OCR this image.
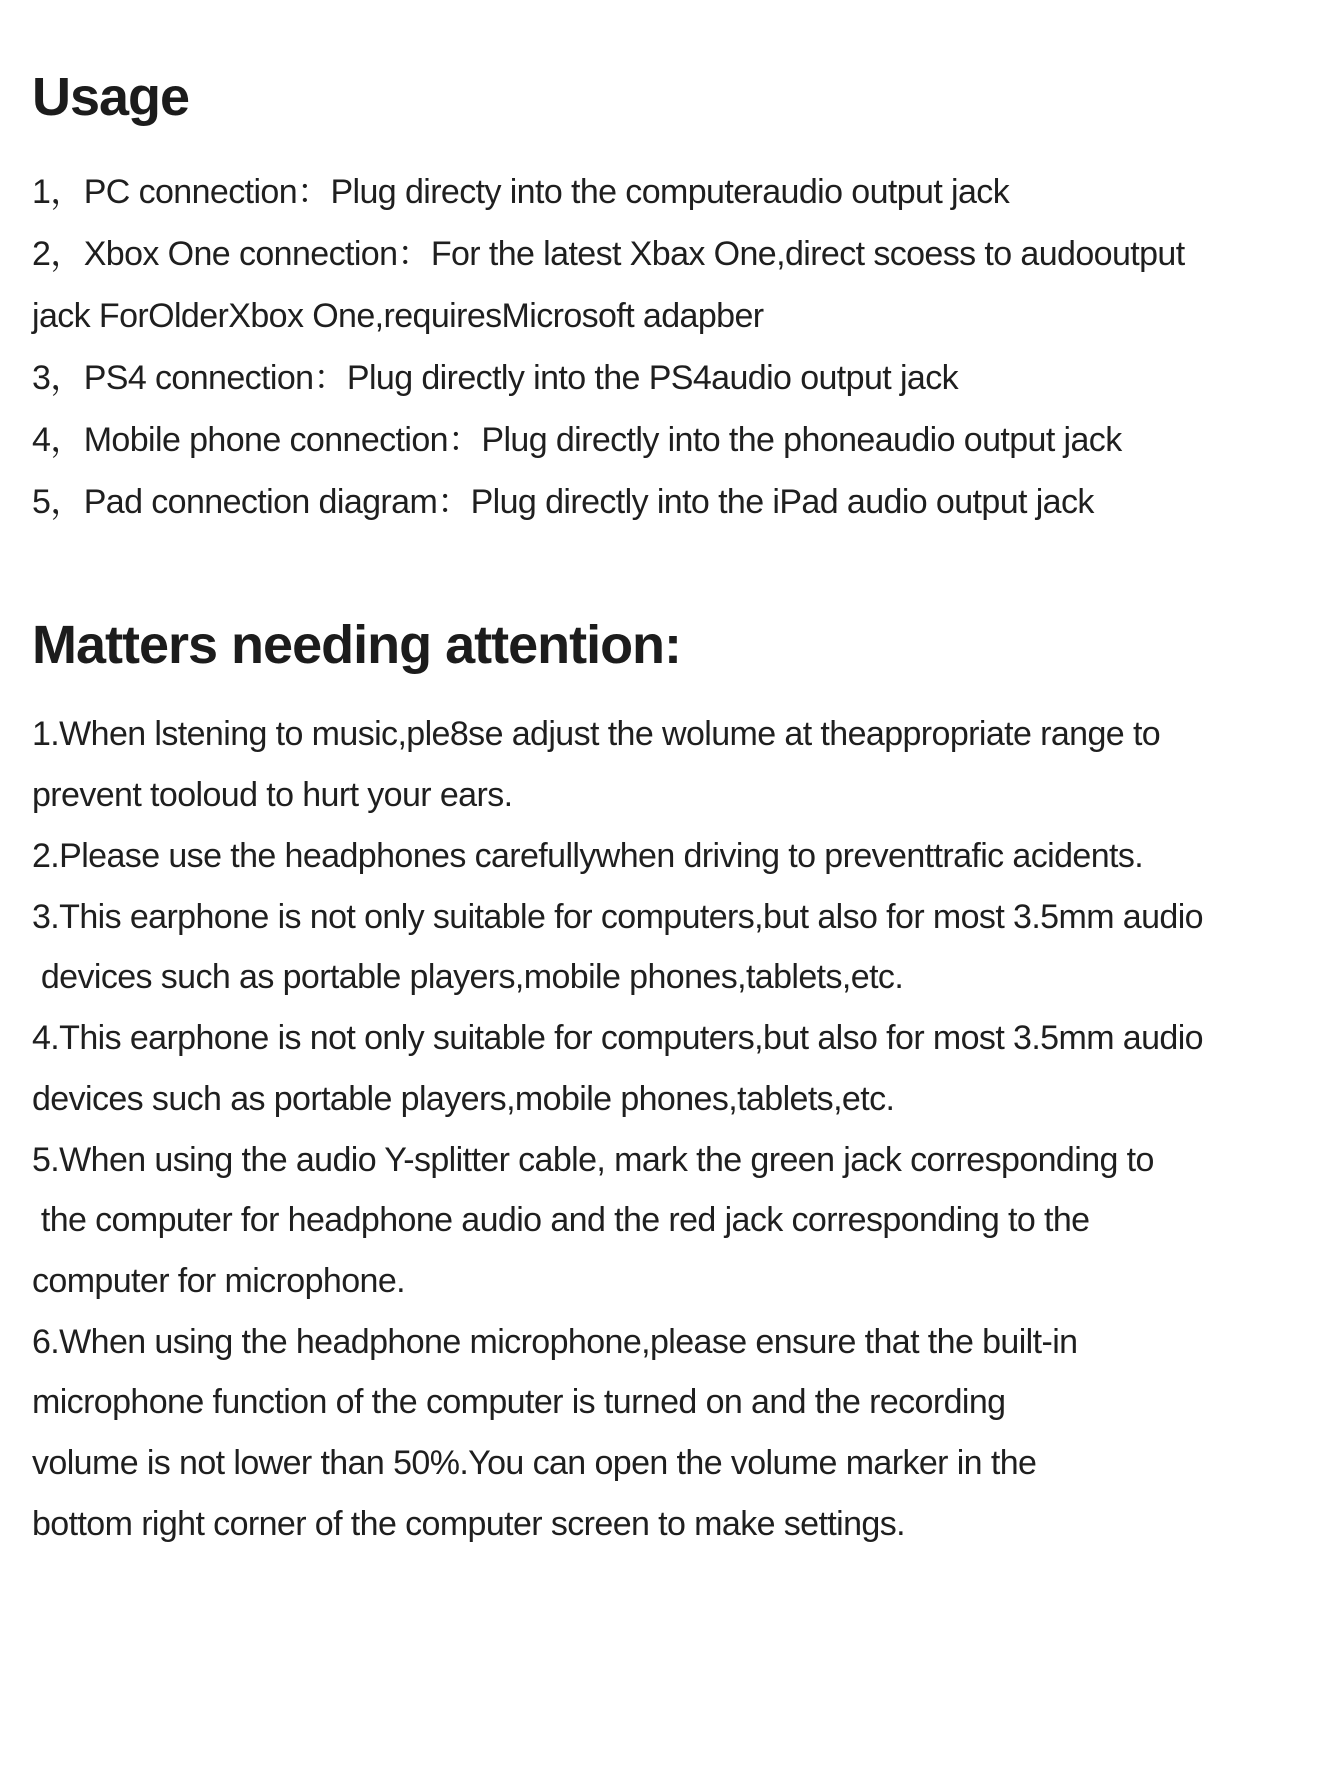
Usage
1，PC connection：Plug directy into the computeraudio output jack
2，Xbox One connection：For the latest Xbax One,direct scoess to audooutput
jack ForOlderXbox One,requiresMicrosoft adapber
3，PS4 connection：Plug directly into the PS4audio output jack
4，Mobile phone connection：Plug directly into the phoneaudio output jack
5，Pad connection diagram：Plug directly into the iPad audio output jack
Matters needing attention:
1.When lstening to music,ple8se adjust the wolume at theappropriate range to
prevent tooloud to hurt your ears.
2.Please use the headphones carefullywhen driving to preventtrafic acidents.
3.This earphone is not only suitable for computers,but also for most 3.5mm audio
devices such as portable players,mobile phones,tablets,etc.
4.This earphone is not only suitable for computers,but also for most 3.5mm audio
devices such as portable players,mobile phones,tablets,etc.
5.When using the audio Y-splitter cable, mark the green jack corresponding to
the computer for headphone audio and the red jack corresponding to the
computer for microphone.
6.When using the headphone microphone,please ensure that the built-in
microphone function of the computer is turned on and the recording
volume is not lower than 50%.You can open the volume marker in the
bottom right corner of the computer screen to make settings.
